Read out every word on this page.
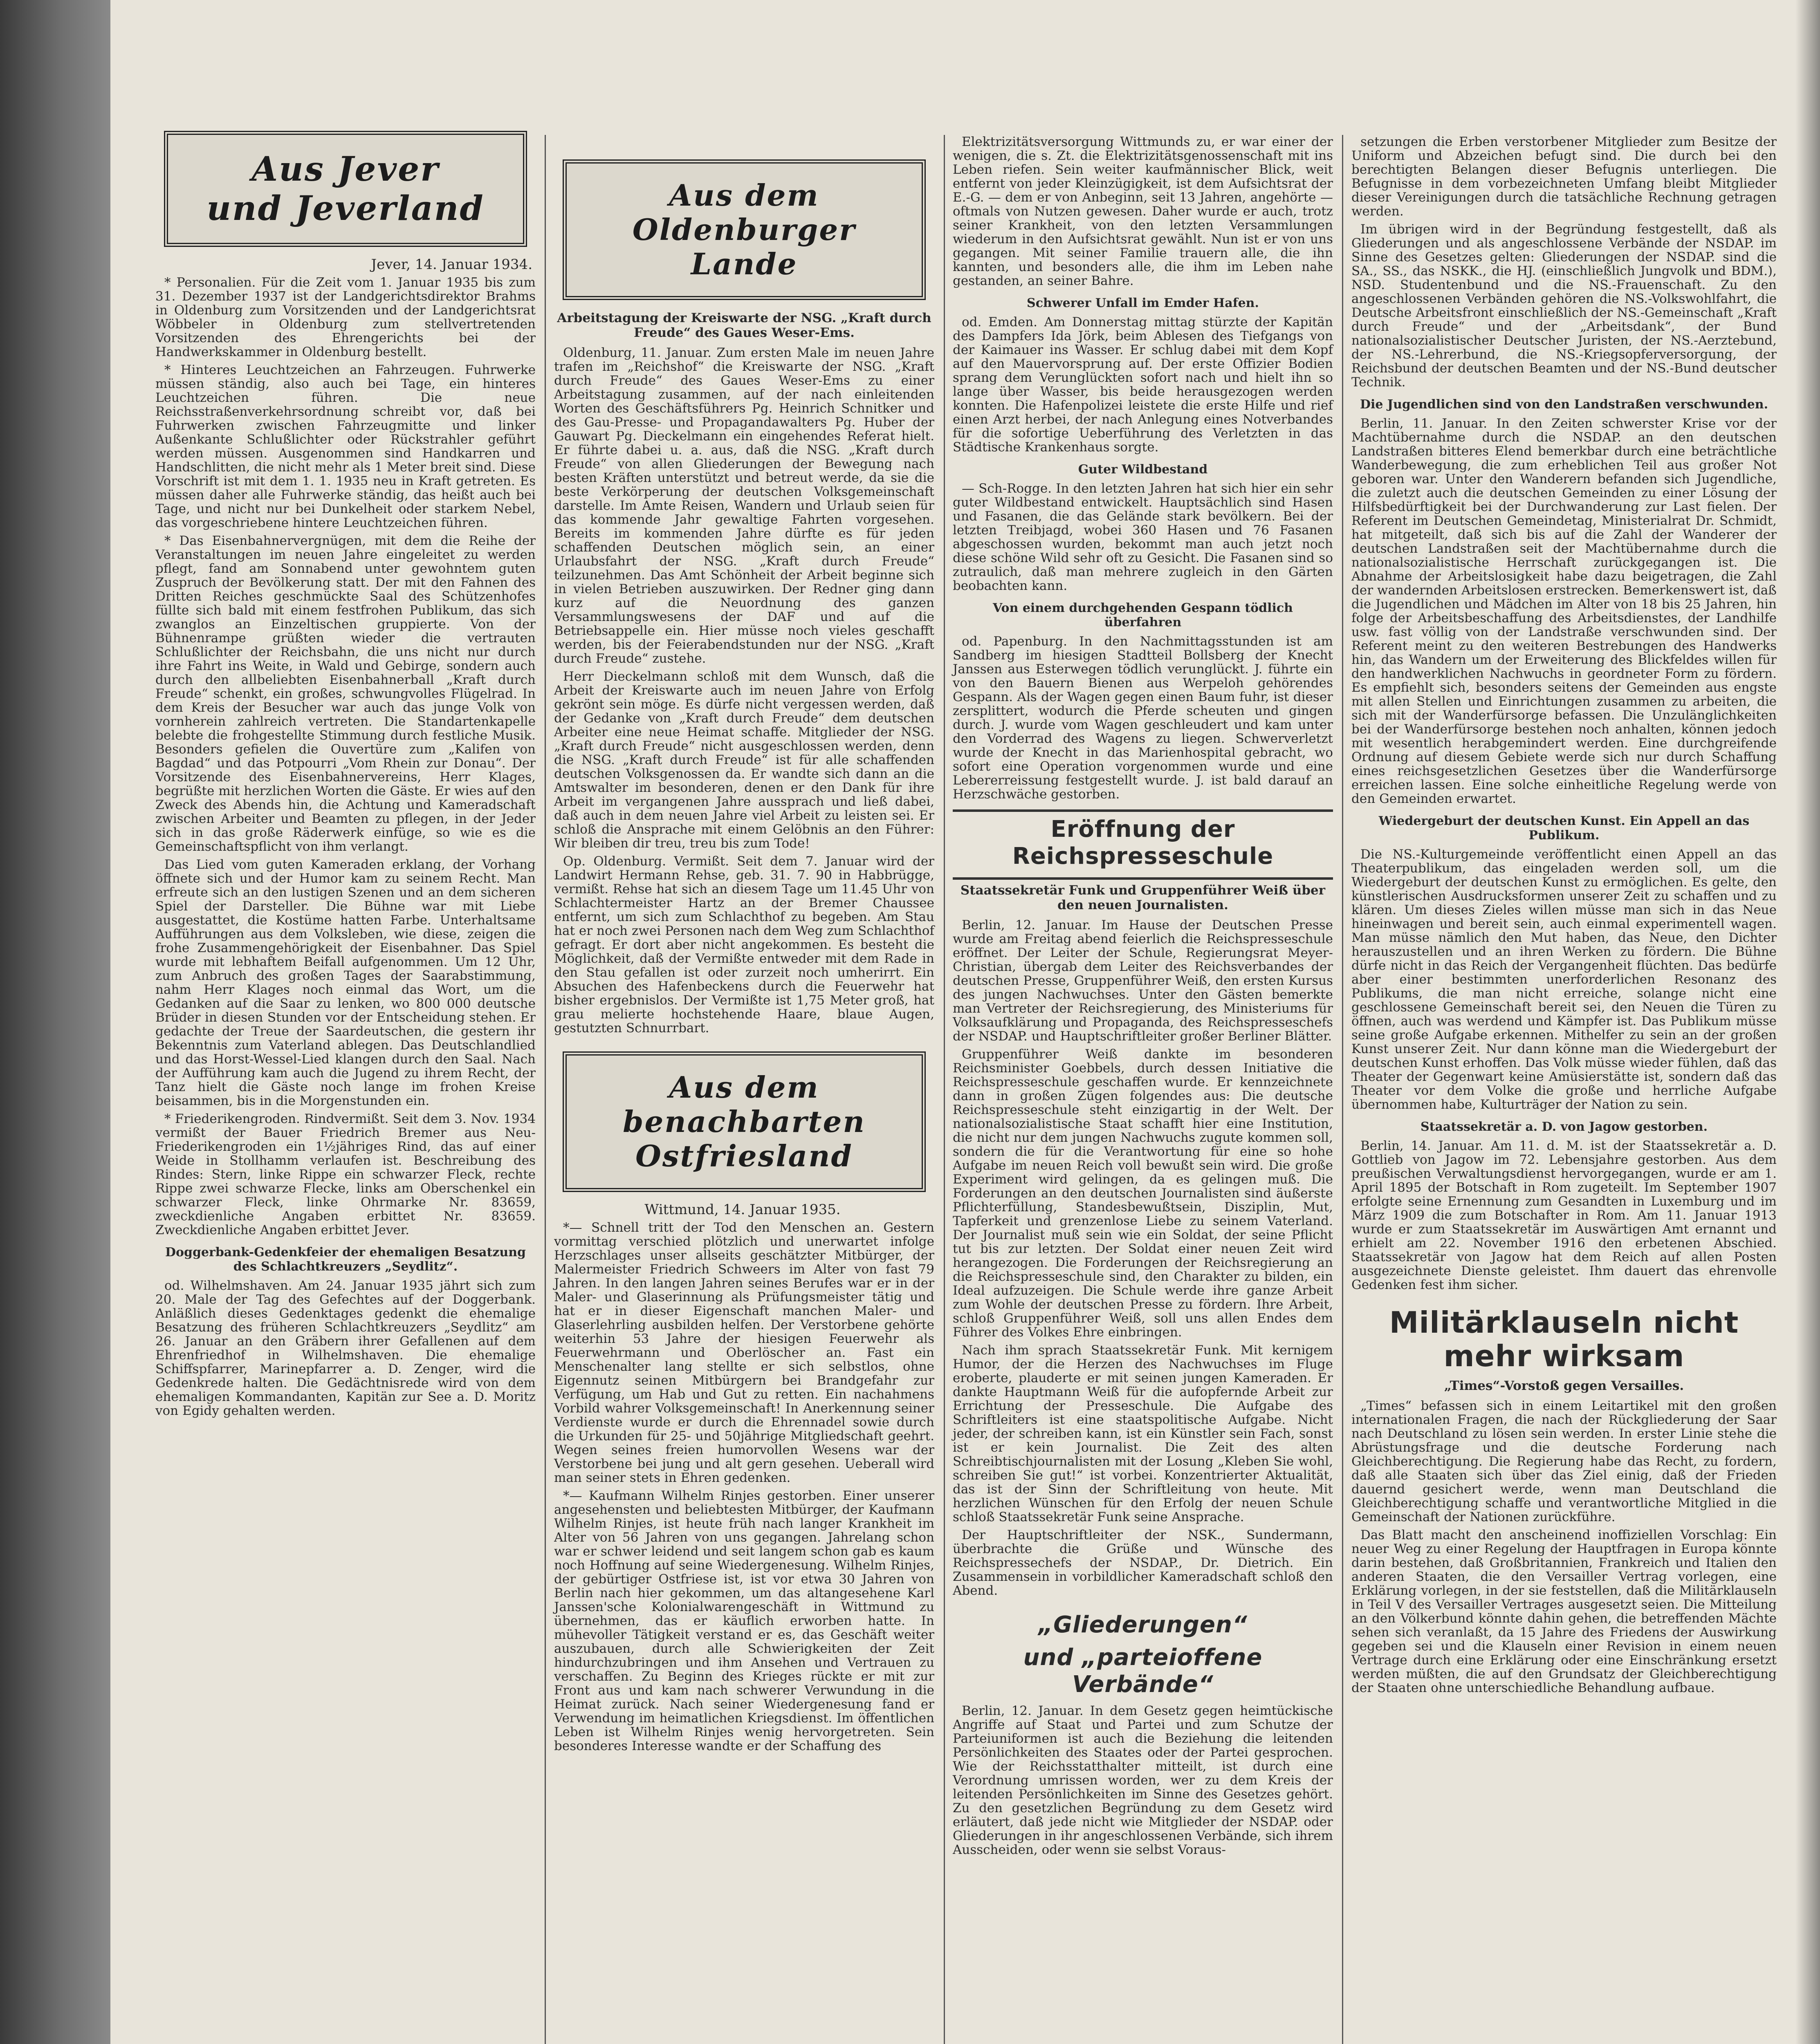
Aus Jever
und Jeverland

Jever, 14. Januar 1934.

* Personalien. Für die Zeit vom 1. Januar 1935 bis zum 31. Dezember 1937 ist der Landgerichtsdirektor Brahms in Oldenburg zum Vorsitzenden und der Landgerichtsrat Wöbbeler in Oldenburg zum stellvertretenden Vorsitzenden des Ehrengerichts bei der Handwerkskammer in Oldenburg bestellt.

* Hinteres Leuchtzeichen an Fahrzeugen. Fuhrwerke müssen ständig, also auch bei Tage, ein hinteres Leuchtzeichen führen. Die neue Reichsstraßenverkehrsordnung schreibt vor, daß bei Fuhrwerken zwischen Fahrzeugmitte und linker Außenkante Schlußlichter oder Rückstrahler geführt werden müssen. Ausgenommen sind Handkarren und Handschlitten, die nicht mehr als 1 Meter breit sind. Diese Vorschrift ist mit dem 1. 1. 1935 neu in Kraft getreten. Es müssen daher alle Fuhrwerke ständig, das heißt auch bei Tage, und nicht nur bei Dunkelheit oder starkem Nebel, das vorgeschriebene hintere Leuchtzeichen führen.

* Das Eisenbahnervergnügen, mit dem die Reihe der Veranstaltungen im neuen Jahre eingeleitet zu werden pflegt, fand am Sonnabend unter gewohntem guten Zuspruch der Bevölkerung statt. Der mit den Fahnen des Dritten Reiches geschmückte Saal des Schützenhofes füllte sich bald mit einem festfrohen Publikum, das sich zwanglos an Einzeltischen gruppierte. Von der Bühnenrampe grüßten wieder die vertrauten Schlußlichter der Reichsbahn, die uns nicht nur durch ihre Fahrt ins Weite, in Wald und Gebirge, sondern auch durch den allbeliebten Eisenbahnerball „Kraft durch Freude“ schenkt, ein großes, schwungvolles Flügelrad. In dem Kreis der Besucher war auch das junge Volk von vornherein zahlreich vertreten. Die Standartenkapelle belebte die frohgestellte Stimmung durch festliche Musik. Besonders gefielen die Ouvertüre zum „Kalifen von Bagdad“ und das Potpourri „Vom Rhein zur Donau“. Der Vorsitzende des Eisenbahnervereins, Herr Klages, begrüßte mit herzlichen Worten die Gäste. Er wies auf den Zweck des Abends hin, die Achtung und Kameradschaft zwischen Arbeiter und Beamten zu pflegen, in der Jeder sich in das große Räderwerk einfüge, so wie es die Gemeinschaftspflicht von ihm verlangt.

Das Lied vom guten Kameraden erklang, der Vorhang öffnete sich und der Humor kam zu seinem Recht. Man erfreute sich an den lustigen Szenen und an dem sicheren Spiel der Darsteller. Die Bühne war mit Liebe ausgestattet, die Kostüme hatten Farbe. Unterhaltsame Aufführungen aus dem Volksleben, wie diese, zeigen die frohe Zusammengehörigkeit der Eisenbahner. Das Spiel wurde mit lebhaftem Beifall aufgenommen. Um 12 Uhr, zum Anbruch des großen Tages der Saarabstimmung, nahm Herr Klages noch einmal das Wort, um die Gedanken auf die Saar zu lenken, wo 800 000 deutsche Brüder in diesen Stunden vor der Entscheidung stehen. Er gedachte der Treue der Saardeutschen, die gestern ihr Bekenntnis zum Vaterland ablegen. Das Deutschlandlied und das Horst-Wessel-Lied klangen durch den Saal. Nach der Aufführung kam auch die Jugend zu ihrem Recht, der Tanz hielt die Gäste noch lange im frohen Kreise beisammen, bis in die Morgenstunden ein.

* Friederikengroden. Rindvermißt. Seit dem 3. Nov. 1934 vermißt der Bauer Friedrich Bremer aus Neu-Friederikengroden ein 1½jähriges Rind, das auf einer Weide in Stollhamm verlaufen ist. Beschreibung des Rindes: Stern, linke Rippe ein schwarzer Fleck, rechte Rippe zwei schwarze Flecke, links am Oberschenkel ein schwarzer Fleck, linke Ohrmarke Nr. 83659, zweckdienliche Angaben erbittet Nr. 83659. Zweckdienliche Angaben erbittet Jever.

Doggerbank-Gedenkfeier der ehemaligen Besatzung des Schlachtkreuzers „Seydlitz“.

od. Wilhelmshaven. Am 24. Januar 1935 jährt sich zum 20. Male der Tag des Gefechtes auf der Doggerbank. Anläßlich dieses Gedenktages gedenkt die ehemalige Besatzung des früheren Schlachtkreuzers „Seydlitz“ am 26. Januar an den Gräbern ihrer Gefallenen auf dem Ehrenfriedhof in Wilhelmshaven. Die ehemalige Schiffspfarrer, Marinepfarrer a. D. Zenger, wird die Gedenkrede halten. Die Gedächtnisrede wird von dem ehemaligen Kommandanten, Kapitän zur See a. D. Moritz von Egidy gehalten werden.

Aus dem Oldenburger
Lande
Arbeitstagung der Kreiswarte der NSG. „Kraft durch Freude“ des Gaues Weser-Ems.

Oldenburg, 11. Januar. Zum ersten Male im neuen Jahre trafen im „Reichshof“ die Kreiswarte der NSG. „Kraft durch Freude“ des Gaues Weser-Ems zu einer Arbeitstagung zusammen, auf der nach einleitenden Worten des Geschäftsführers Pg. Heinrich Schnitker und des Gau-Presse- und Propagandawalters Pg. Huber der Gauwart Pg. Dieckelmann ein eingehendes Referat hielt. Er führte dabei u. a. aus, daß die NSG. „Kraft durch Freude“ von allen Gliederungen der Bewegung nach besten Kräften unterstützt und betreut werde, da sie die beste Verkörperung der deutschen Volksgemeinschaft darstelle. Im Amte Reisen, Wandern und Urlaub seien für das kommende Jahr gewaltige Fahrten vorgesehen. Bereits im kommenden Jahre dürfte es für jeden schaffenden Deutschen möglich sein, an einer Urlaubsfahrt der NSG. „Kraft durch Freude“ teilzunehmen. Das Amt Schönheit der Arbeit beginne sich in vielen Betrieben auszuwirken. Der Redner ging dann kurz auf die Neuordnung des ganzen Versammlungswesens der DAF und auf die Betriebsappelle ein. Hier müsse noch vieles geschafft werden, bis der Feierabendstunden nur der NSG. „Kraft durch Freude“ zustehe.

Herr Dieckelmann schloß mit dem Wunsch, daß die Arbeit der Kreiswarte auch im neuen Jahre von Erfolg gekrönt sein möge. Es dürfe nicht vergessen werden, daß der Gedanke von „Kraft durch Freude“ dem deutschen Arbeiter eine neue Heimat schaffe. Mitglieder der NSG. „Kraft durch Freude“ nicht ausgeschlossen werden, denn die NSG. „Kraft durch Freude“ ist für alle schaffenden deutschen Volksgenossen da. Er wandte sich dann an die Amtswalter im besonderen, denen er den Dank für ihre Arbeit im vergangenen Jahre aussprach und ließ dabei, daß auch in dem neuen Jahre viel Arbeit zu leisten sei. Er schloß die Ansprache mit einem Gelöbnis an den Führer: Wir bleiben dir treu, treu bis zum Tode!

Op. Oldenburg. Vermißt. Seit dem 7. Januar wird der Landwirt Hermann Rehse, geb. 31. 7. 90 in Habbrügge, vermißt. Rehse hat sich an diesem Tage um 11.45 Uhr von Schlachtermeister Hartz an der Bremer Chaussee entfernt, um sich zum Schlachthof zu begeben. Am Stau hat er noch zwei Personen nach dem Weg zum Schlachthof gefragt. Er dort aber nicht angekommen. Es besteht die Möglichkeit, daß der Vermißte entweder mit dem Rade in den Stau gefallen ist oder zurzeit noch umherirrt. Ein Absuchen des Hafenbeckens durch die Feuerwehr hat bisher ergebnislos. Der Vermißte ist 1,75 Meter groß, hat grau melierte hochstehende Haare, blaue Augen, gestutzten Schnurrbart.

Aus dem benachbarten
Ostfriesland

Wittmund, 14. Januar 1935.

*— Schnell tritt der Tod den Menschen an. Gestern vormittag verschied plötzlich und unerwartet infolge Herzschlages unser allseits geschätzter Mitbürger, der Malermeister Friedrich Schweers im Alter von fast 79 Jahren. In den langen Jahren seines Berufes war er in der Maler- und Glaserinnung als Prüfungsmeister tätig und hat er in dieser Eigenschaft manchen Maler- und Glaserlehrling ausbilden helfen. Der Verstorbene gehörte weiterhin 53 Jahre der hiesigen Feuerwehr als Feuerwehrmann und Oberlöscher an. Fast ein Menschenalter lang stellte er sich selbstlos, ohne Eigennutz seinen Mitbürgern bei Brandgefahr zur Verfügung, um Hab und Gut zu retten. Ein nachahmens Vorbild wahrer Volksgemeinschaft! In Anerkennung seiner Verdienste wurde er durch die Ehrennadel sowie durch die Urkunden für 25- und 50jährige Mitgliedschaft geehrt. Wegen seines freien humorvollen Wesens war der Verstorbene bei jung und alt gern gesehen. Ueberall wird man seiner stets in Ehren gedenken.

*— Kaufmann Wilhelm Rinjes gestorben. Einer unserer angesehensten und beliebtesten Mitbürger, der Kaufmann Wilhelm Rinjes, ist heute früh nach langer Krankheit im Alter von 56 Jahren von uns gegangen. Jahrelang schon war er schwer leidend und seit langem schon gab es kaum noch Hoffnung auf seine Wiedergenesung. Wilhelm Rinjes, der gebürtiger Ostfriese ist, ist vor etwa 30 Jahren von Berlin nach hier gekommen, um das altangesehene Karl Janssen'sche Kolonialwarengeschäft in Wittmund zu übernehmen, das er käuflich erworben hatte. In mühevoller Tätigkeit verstand er es, das Geschäft weiter auszubauen, durch alle Schwierigkeiten der Zeit hindurchzubringen und ihm Ansehen und Vertrauen zu verschaffen. Zu Beginn des Krieges rückte er mit zur Front aus und kam nach schwerer Verwundung in die Heimat zurück. Nach seiner Wiedergenesung fand er Verwendung im heimatlichen Kriegsdienst. Im öffentlichen Leben ist Wilhelm Rinjes wenig hervorgetreten. Sein besonderes Interesse wandte er der Schaffung des

Elektrizitätsversorgung Wittmunds zu, er war einer der wenigen, die s. Zt. die Elektrizitätsgenossenschaft mit ins Leben riefen. Sein weiter kaufmännischer Blick, weit entfernt von jeder Kleinzügigkeit, ist dem Aufsichtsrat der E.-G. — dem er von Anbeginn, seit 13 Jahren, angehörte — oftmals von Nutzen gewesen. Daher wurde er auch, trotz seiner Krankheit, von den letzten Versammlungen wiederum in den Aufsichtsrat gewählt. Nun ist er von uns gegangen. Mit seiner Familie trauern alle, die ihn kannten, und besonders alle, die ihm im Leben nahe gestanden, an seiner Bahre.

Schwerer Unfall im Emder Hafen.

od. Emden. Am Donnerstag mittag stürzte der Kapitän des Dampfers Ida Jörk, beim Ablesen des Tiefgangs von der Kaimauer ins Wasser. Er schlug dabei mit dem Kopf auf den Mauervorsprung auf. Der erste Offizier Bodien sprang dem Verunglückten sofort nach und hielt ihn so lange über Wasser, bis beide herausgezogen werden konnten. Die Hafenpolizei leistete die erste Hilfe und rief einen Arzt herbei, der nach Anlegung eines Notverbandes für die sofortige Ueberführung des Verletzten in das Städtische Krankenhaus sorgte.

Guter Wildbestand

— Sch-Rogge. In den letzten Jahren hat sich hier ein sehr guter Wildbestand entwickelt. Hauptsächlich sind Hasen und Fasanen, die das Gelände stark bevölkern. Bei der letzten Treibjagd, wobei 360 Hasen und 76 Fasanen abgeschossen wurden, bekommt man auch jetzt noch diese schöne Wild sehr oft zu Gesicht. Die Fasanen sind so zutraulich, daß man mehrere zugleich in den Gärten beobachten kann.

Von einem durchgehenden Gespann tödlich überfahren

od. Papenburg. In den Nachmittagsstunden ist am Sandberg im hiesigen Stadtteil Bollsberg der Knecht Janssen aus Esterwegen tödlich verunglückt. J. führte ein von den Bauern Bienen aus Werpeloh gehörendes Gespann. Als der Wagen gegen einen Baum fuhr, ist dieser zersplittert, wodurch die Pferde scheuten und gingen durch. J. wurde vom Wagen geschleudert und kam unter den Vorderrad des Wagens zu liegen. Schwerverletzt wurde der Knecht in das Marienhospital gebracht, wo sofort eine Operation vorgenommen wurde und eine Lebererreissung festgestellt wurde. J. ist bald darauf an Herzschwäche gestorben.

Eröffnung der Reichspresseschule
Staatssekretär Funk und Gruppenführer Weiß über den neuen Journalisten.

Berlin, 12. Januar. Im Hause der Deutschen Presse wurde am Freitag abend feierlich die Reichspresseschule eröffnet. Der Leiter der Schule, Regierungsrat Meyer-Christian, übergab dem Leiter des Reichsverbandes der deutschen Presse, Gruppenführer Weiß, den ersten Kursus des jungen Nachwuchses. Unter den Gästen bemerkte man Vertreter der Reichsregierung, des Ministeriums für Volksaufklärung und Propaganda, des Reichspresseschefs der NSDAP. und Hauptschriftleiter großer Berliner Blätter.

Gruppenführer Weiß dankte im besonderen Reichsminister Goebbels, durch dessen Initiative die Reichspresseschule geschaffen wurde. Er kennzeichnete dann in großen Zügen folgendes aus: Die deutsche Reichspresseschule steht einzigartig in der Welt. Der nationalsozialistische Staat schafft hier eine Institution, die nicht nur dem jungen Nachwuchs zugute kommen soll, sondern die für die Verantwortung für eine so hohe Aufgabe im neuen Reich voll bewußt sein wird. Die große Experiment wird gelingen, da es gelingen muß. Die Forderungen an den deutschen Journalisten sind äußerste Pflichterfüllung, Standesbewußtsein, Disziplin, Mut, Tapferkeit und grenzenlose Liebe zu seinem Vaterland. Der Journalist muß sein wie ein Soldat, der seine Pflicht tut bis zur letzten. Der Soldat einer neuen Zeit wird herangezogen. Die Forderungen der Reichsregierung an die Reichspresseschule sind, den Charakter zu bilden, ein Ideal aufzuzeigen. Die Schule werde ihre ganze Arbeit zum Wohle der deutschen Presse zu fördern. Ihre Arbeit, schloß Gruppenführer Weiß, soll uns allen Endes dem Führer des Volkes Ehre einbringen.

Nach ihm sprach Staatssekretär Funk. Mit kernigem Humor, der die Herzen des Nachwuchses im Fluge eroberte, plauderte er mit seinen jungen Kameraden. Er dankte Hauptmann Weiß für die aufopfernde Arbeit zur Errichtung der Presseschule. Die Aufgabe des Schriftleiters ist eine staatspolitische Aufgabe. Nicht jeder, der schreiben kann, ist ein Künstler sein Fach, sonst ist er kein Journalist. Die Zeit des alten Schreibtischjournalisten mit der Losung „Kleben Sie wohl, schreiben Sie gut!“ ist vorbei. Konzentrierter Aktualität, das ist der Sinn der Schriftleitung von heute. Mit herzlichen Wünschen für den Erfolg der neuen Schule schloß Staatssekretär Funk seine Ansprache.

Der Hauptschriftleiter der NSK., Sundermann, überbrachte die Grüße und Wünsche des Reichspressechefs der NSDAP., Dr. Dietrich. Ein Zusammensein in vorbildlicher Kameradschaft schloß den Abend.

„Gliederungen“
und „parteioffene Verbände“

Berlin, 12. Januar. In dem Gesetz gegen heimtückische Angriffe auf Staat und Partei und zum Schutze der Parteiuniformen ist auch die Beziehung die leitenden Persönlichkeiten des Staates oder der Partei gesprochen. Wie der Reichsstatthalter mitteilt, ist durch eine Verordnung umrissen worden, wer zu dem Kreis der leitenden Persönlichkeiten im Sinne des Gesetzes gehört. Zu den gesetzlichen Begründung zu dem Gesetz wird erläutert, daß jede nicht wie Mitglieder der NSDAP. oder Gliederungen in ihr angeschlossenen Verbände, sich ihrem Ausscheiden, oder wenn sie selbst Voraus-

setzungen die Erben verstorbener Mitglieder zum Besitze der Uniform und Abzeichen befugt sind. Die durch bei den berechtigten Belangen dieser Befugnis unterliegen. Die Befugnisse in dem vorbezeichneten Umfang bleibt Mitglieder dieser Vereinigungen durch die tatsächliche Rechnung getragen werden.

Im übrigen wird in der Begründung festgestellt, daß als Gliederungen und als angeschlossene Verbände der NSDAP. im Sinne des Gesetzes gelten: Gliederungen der NSDAP. sind die SA., SS., das NSKK., die HJ. (einschließlich Jungvolk und BDM.), NSD. Studentenbund und die NS.-Frauenschaft. Zu den angeschlossenen Verbänden gehören die NS.-Volkswohlfahrt, die Deutsche Arbeitsfront einschließlich der NS.-Gemeinschaft „Kraft durch Freude“ und der „Arbeitsdank“, der Bund nationalsozialistischer Deutscher Juristen, der NS.-Aerztebund, der NS.-Lehrerbund, die NS.-Kriegsopferversorgung, der Reichsbund der deutschen Beamten und der NS.-Bund deutscher Technik.

Die Jugendlichen sind von den Landstraßen verschwunden.

Berlin, 11. Januar. In den Zeiten schwerster Krise vor der Machtübernahme durch die NSDAP. an den deutschen Landstraßen bitteres Elend bemerkbar durch eine beträchtliche Wanderbewegung, die zum erheblichen Teil aus großer Not geboren war. Unter den Wanderern befanden sich Jugendliche, die zuletzt auch die deutschen Gemeinden zu einer Lösung der Hilfsbedürftigkeit bei der Durchwanderung zur Last fielen. Der Referent im Deutschen Gemeindetag, Ministerialrat Dr. Schmidt, hat mitgeteilt, daß sich bis auf die Zahl der Wanderer der deutschen Landstraßen seit der Machtübernahme durch die nationalsozialistische Herrschaft zurückgegangen ist. Die Abnahme der Arbeitslosigkeit habe dazu beigetragen, die Zahl der wandernden Arbeitslosen erstrecken. Bemerkenswert ist, daß die Jugendlichen und Mädchen im Alter von 18 bis 25 Jahren, hin folge der Arbeitsbeschaffung des Arbeitsdienstes, der Landhilfe usw. fast völlig von der Landstraße verschwunden sind. Der Referent meint zu den weiteren Bestrebungen des Handwerks hin, das Wandern um der Erweiterung des Blickfeldes willen für den handwerklichen Nachwuchs in geordneter Form zu fördern. Es empfiehlt sich, besonders seitens der Gemeinden aus engste mit allen Stellen und Einrichtungen zusammen zu arbeiten, die sich mit der Wanderfürsorge befassen. Die Unzulänglichkeiten bei der Wanderfürsorge bestehen noch anhalten, können jedoch mit wesentlich herabgemindert werden. Eine durchgreifende Ordnung auf diesem Gebiete werde sich nur durch Schaffung eines reichsgesetzlichen Gesetzes über die Wanderfürsorge erreichen lassen. Eine solche einheitliche Regelung werde von den Gemeinden erwartet.

Wiedergeburt der deutschen Kunst. Ein Appell an das Publikum.

Die NS.-Kulturgemeinde veröffentlicht einen Appell an das Theaterpublikum, das eingeladen werden soll, um die Wiedergeburt der deutschen Kunst zu ermöglichen. Es gelte, den künstlerischen Ausdrucksformen unserer Zeit zu schaffen und zu klären. Um dieses Zieles willen müsse man sich in das Neue hineinwagen und bereit sein, auch einmal experimentell wagen. Man müsse nämlich den Mut haben, das Neue, den Dichter herauszustellen und an ihren Werken zu fördern. Die Bühne dürfe nicht in das Reich der Vergangenheit flüchten. Das bedürfe aber einer bestimmten unerforderlichen Resonanz des Publikums, die man nicht erreiche, solange nicht eine geschlossene Gemeinschaft bereit sei, den Neuen die Türen zu öffnen, auch was werdend und Kämpfer ist. Das Publikum müsse seine große Aufgabe erkennen. Mithelfer zu sein an der großen Kunst unserer Zeit. Nur dann könne man die Wiedergeburt der deutschen Kunst erhoffen. Das Volk müsse wieder fühlen, daß das Theater der Gegenwart keine Amüsierstätte ist, sondern daß das Theater vor dem Volke die große und herrliche Aufgabe übernommen habe, Kulturträger der Nation zu sein.

Staatssekretär a. D. von Jagow gestorben.

Berlin, 14. Januar. Am 11. d. M. ist der Staatssekretär a. D. Gottlieb von Jagow im 72. Lebensjahre gestorben. Aus dem preußischen Verwaltungsdienst hervorgegangen, wurde er am 1. April 1895 der Botschaft in Rom zugeteilt. Im September 1907 erfolgte seine Ernennung zum Gesandten in Luxemburg und im März 1909 die zum Botschafter in Rom. Am 11. Januar 1913 wurde er zum Staatssekretär im Auswärtigen Amt ernannt und erhielt am 22. November 1916 den erbetenen Abschied. Staatssekretär von Jagow hat dem Reich auf allen Posten ausgezeichnete Dienste geleistet. Ihm dauert das ehrenvolle Gedenken fest ihm sicher.

Militärklauseln nicht mehr wirksam
„Times“-Vorstoß gegen Versailles.

„Times“ befassen sich in einem Leitartikel mit den großen internationalen Fragen, die nach der Rückgliederung der Saar nach Deutschland zu lösen sein werden. In erster Linie stehe die Abrüstungsfrage und die deutsche Forderung nach Gleichberechtigung. Die Regierung habe das Recht, zu fordern, daß alle Staaten sich über das Ziel einig, daß der Frieden dauernd gesichert werde, wenn man Deutschland die Gleichberechtigung schaffe und verantwortliche Mitglied in die Gemeinschaft der Nationen zurückführe.

Das Blatt macht den anscheinend inoffiziellen Vorschlag: Ein neuer Weg zu einer Regelung der Hauptfragen in Europa könnte darin bestehen, daß Großbritannien, Frankreich und Italien den anderen Staaten, die den Versailler Vertrag vorlegen, eine Erklärung vorlegen, in der sie feststellen, daß die Militärklauseln in Teil V des Versailler Vertrages ausgesetzt seien. Die Mitteilung an den Völkerbund könnte dahin gehen, die betreffenden Mächte sehen sich veranlaßt, da 15 Jahre des Friedens der Auswirkung gegeben sei und die Klauseln einer Revision in einem neuen Vertrage durch eine Erklärung oder eine Einschränkung ersetzt werden müßten, die auf den Grundsatz der Gleichberechtigung der Staaten ohne unterschiedliche Behandlung aufbaue.
